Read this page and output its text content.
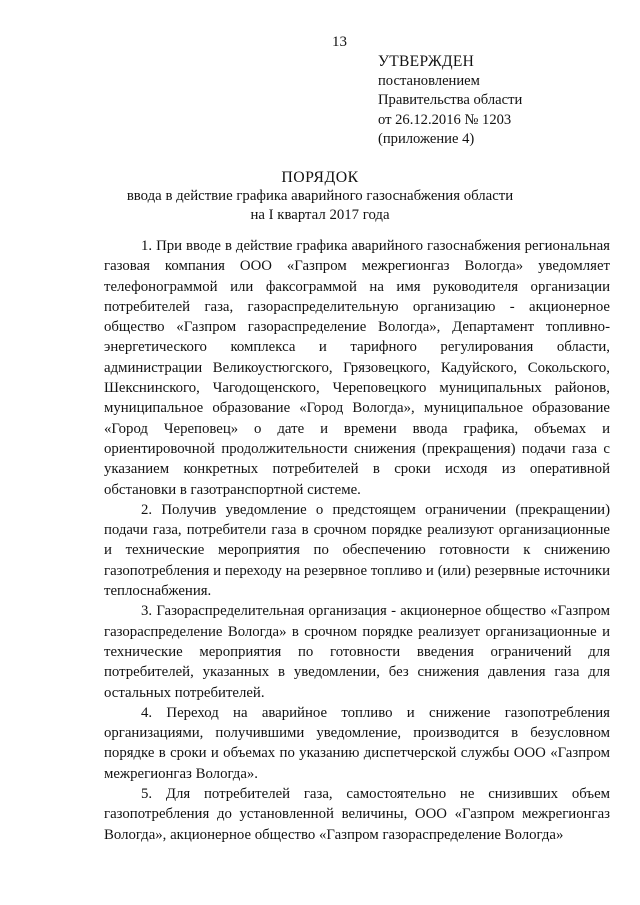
13
УТВЕРЖДЕН
постановлением
Правительства области
от 26.12.2016 № 1203
(приложение 4)
ПОРЯДОК
ввода в действие графика аварийного газоснабжения области
на I квартал 2017 года

1. При вводе в действие графика аварийного газоснабжения региональная газовая компания ООО «Газпром межрегионгаз Вологда» уведомляет телефонограммой или факсограммой на имя руководителя организации потребителей газа, газораспределительную организацию - акционерное общество «Газпром газораспределение Вологда», Департамент топливно-энергетического комплекса и тарифного регулирования области, администрации Великоустюгского, Грязовецкого, Кадуйского, Сокольского, Шекснинского, Чагодощенского, Череповецкого муниципальных районов, муниципальное образование «Город Вологда», муниципальное образование «Город Череповец» о дате и времени ввода графика, объемах и ориентировочной продолжительности снижения (прекращения) подачи газа с указанием конкретных потребителей в сроки исходя из оперативной обстановки в газотранспортной системе.

2. Получив уведомление о предстоящем ограничении (прекращении) подачи газа, потребители газа в срочном порядке реализуют организационные и технические мероприятия по обеспечению готовности к снижению газопотребления и переходу на резервное топливо и (или) резервные источники теплоснабжения.

3. Газораспределительная организация - акционерное общество «Газпром газораспределение Вологда» в срочном порядке реализует организационные и технические мероприятия по готовности введения ограничений для потребителей, указанных в уведомлении, без снижения давления газа для остальных потребителей.

4. Переход на аварийное топливо и снижение газопотребления организациями, получившими уведомление, производится в безусловном порядке в сроки и объемах по указанию диспетчерской службы ООО «Газпром межрегионгаз Вологда».

5. Для потребителей газа, самостоятельно не снизивших объем газопотребления до установленной величины, ООО «Газпром межрегионгаз Вологда», акционерное общество «Газпром газораспределение Вологда»
